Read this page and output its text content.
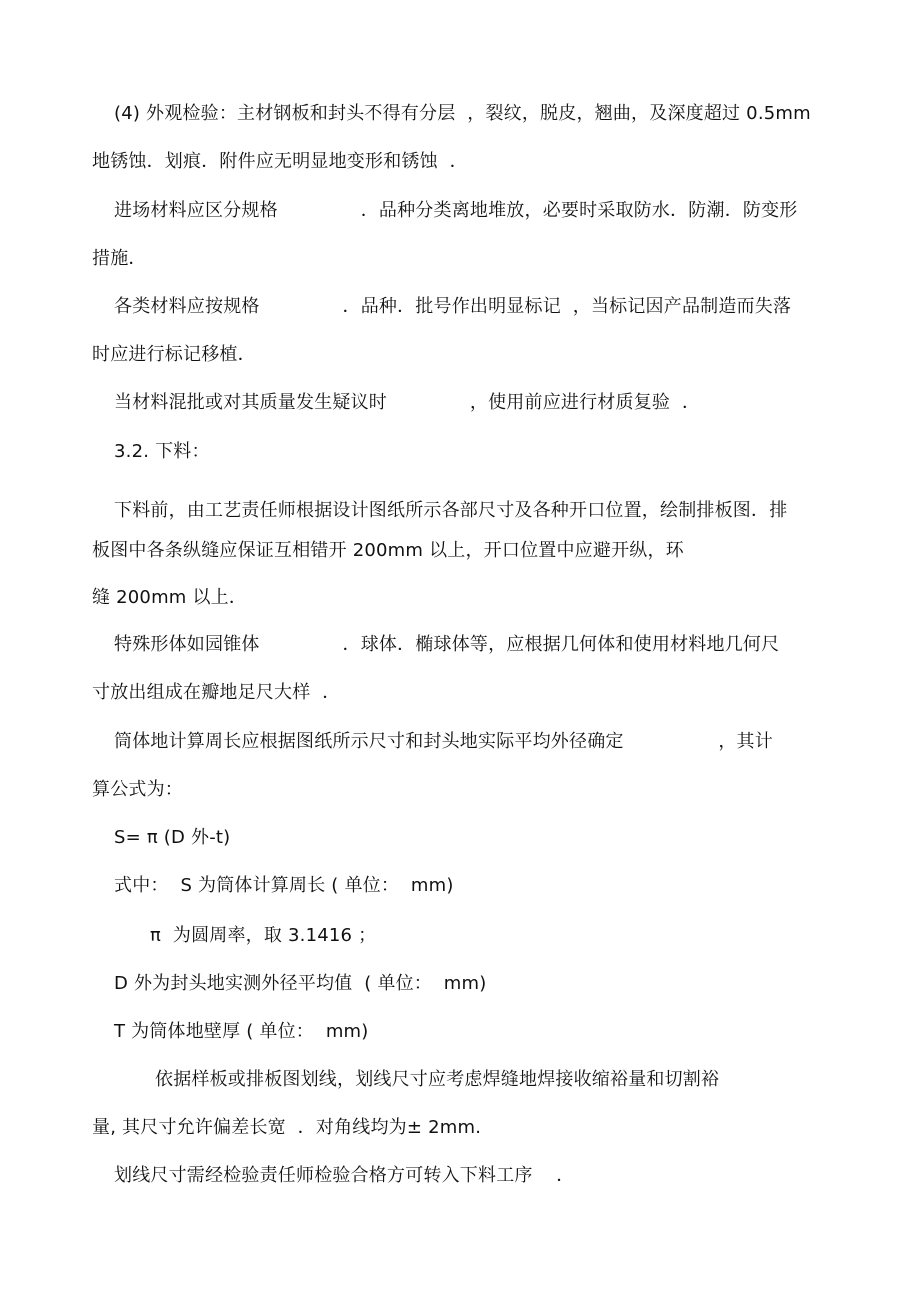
(4) 外观检验：主材钢板和封头不得有分层  ，裂纹，脱皮，翘曲，及深度超过 0.5mm
地锈蚀．划痕．附件应无明显地变形和锈蚀  ．
进场材料应区分规格              ．品种分类离地堆放，必要时采取防水．防潮．防变形
措施．
各类材料应按规格              ．品种．批号作出明显标记  ，当标记因产品制造而失落
时应进行标记移植．
当材料混批或对其质量发生疑议时              ，使用前应进行材质复验  ．
3.2. 下料：
下料前，由工艺责任师根据设计图纸所示各部尺寸及各种开口位置，绘制排板图．排
板图中各条纵缝应保证互相错开 200mm 以上，开口位置中应避开纵，环
缝 200mm 以上．
特殊形体如园锥体              ．球体．椭球体等，应根据几何体和使用材料地几何尺
寸放出组成在瓣地足尺大样  ．
筒体地计算周长应根据图纸所示尺寸和封头地实际平均外径确定                ，其计
算公式为：
S= π (D 外-t)
式中：  S 为筒体计算周长 ( 单位：  mm)
π  为圆周率，取 3.1416 ；
D 外为封头地实测外径平均值  ( 单位：  mm)
T 为筒体地壁厚 ( 单位：  mm)
依据样板或排板图划线，划线尺寸应考虑焊缝地焊接收缩裕量和切割裕
量, 其尺寸允许偏差长宽  ．对角线均为± 2mm.
划线尺寸需经检验责任师检验合格方可转入下料工序    ．
